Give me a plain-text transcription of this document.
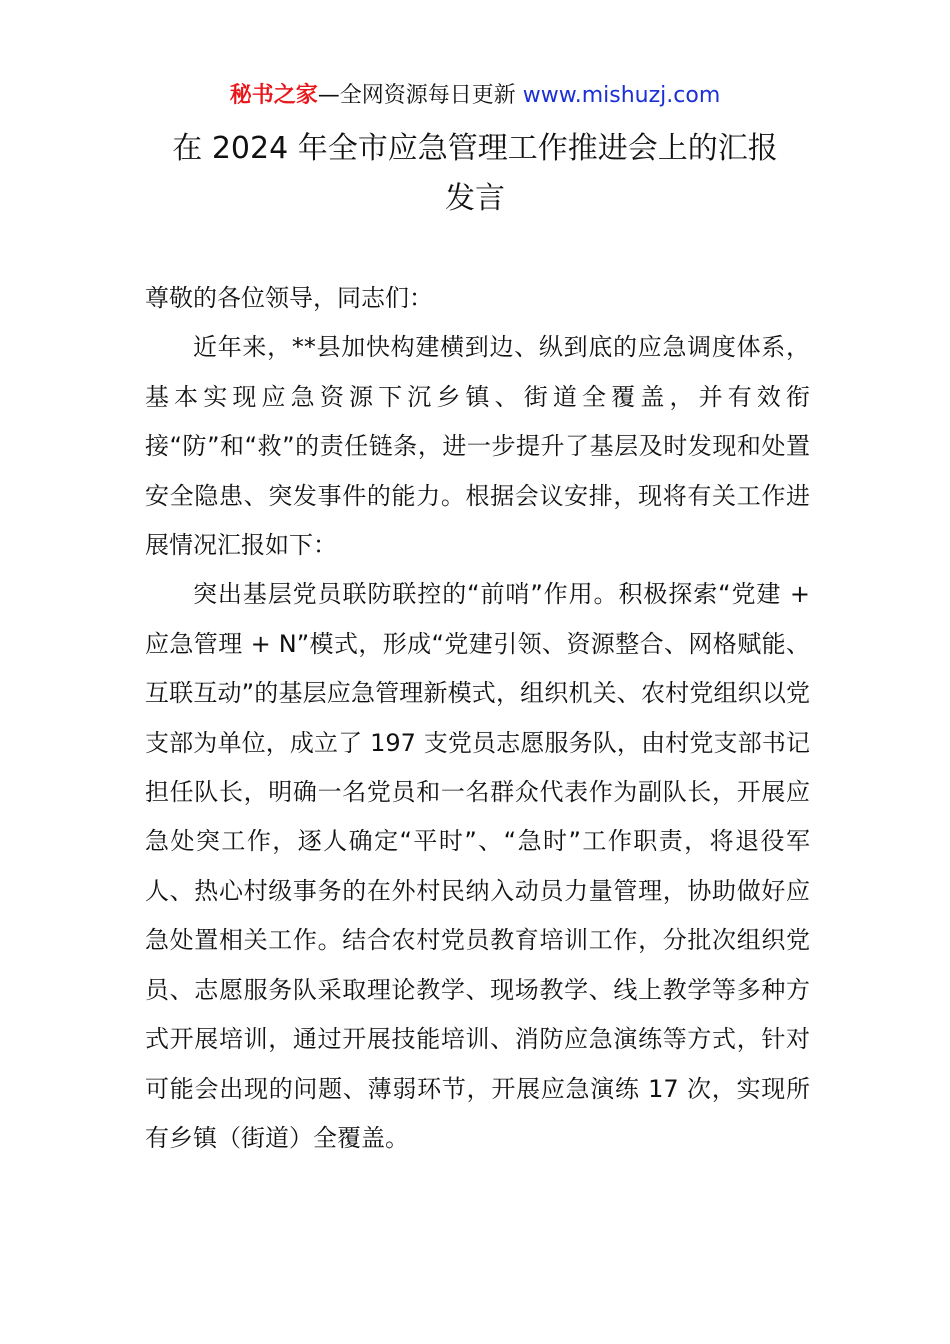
秘书之家—全网资源每日更新 www.mishuzj.com
在 2024 年全市应急管理工作推进会上的汇报
发言

尊敬的各位领导，同志们：

近年来，**县加快构建横到边、纵到底的应急调度体系，基本实现应急资源下沉乡镇、街道全覆盖，并有效衔接“防”和“救”的责任链条，进一步提升了基层及时发现和处置安全隐患、突发事件的能力。根据会议安排，现将有关工作进展情况汇报如下：

突出基层党员联防联控的“前哨”作用。积极探索“党建 + 应急管理 + N”模式，形成“党建引领、资源整合、网格赋能、互联互动”的基层应急管理新模式，组织机关、农村党组织以党支部为单位，成立了 197 支党员志愿服务队，由村党支部书记担任队长，明确一名党员和一名群众代表作为副队长，开展应急处突工作，逐人确定“平时”、“急时”工作职责，将退役军人、热心村级事务的在外村民纳入动员力量管理，协助做好应急处置相关工作。结合农村党员教育培训工作，分批次组织党员、志愿服务队采取理论教学、现场教学、线上教学等多种方式开展培训，通过开展技能培训、消防应急演练等方式，针对可能会出现的问题、薄弱环节，开展应急演练 17 次，实现所有乡镇（街道）全覆盖。
